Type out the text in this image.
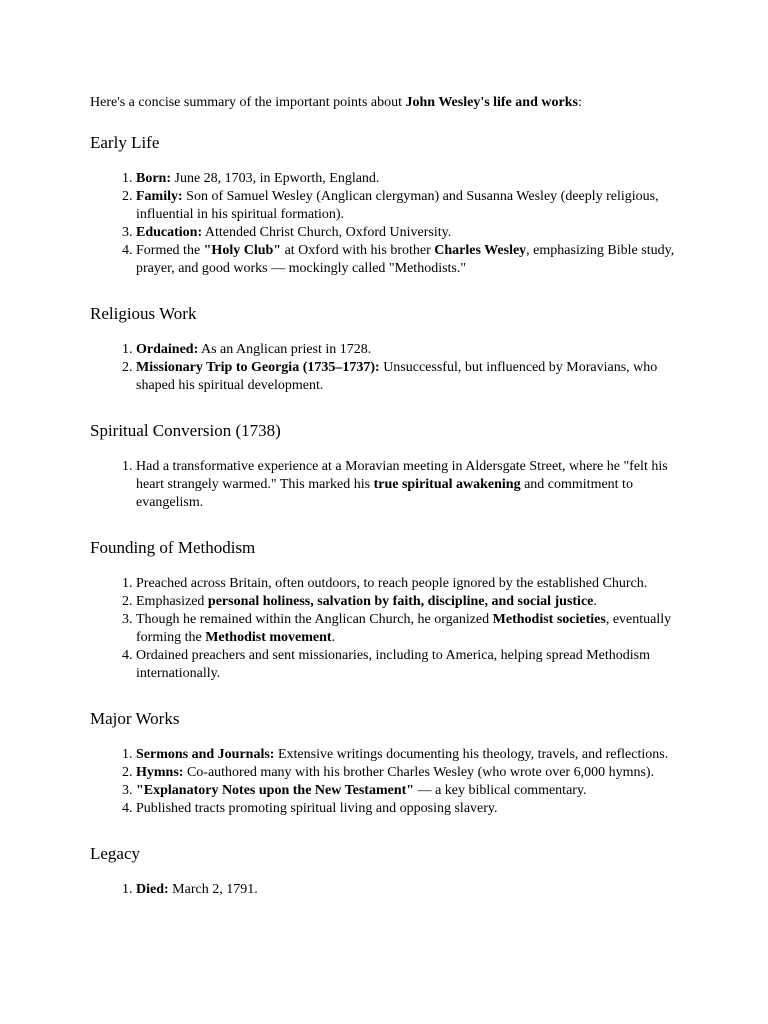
Here's a concise summary of the important points about John Wesley's life and works:

Early Life
1. Born: June 28, 1703, in Epworth, England.
2. Family: Son of Samuel Wesley (Anglican clergyman) and Susanna Wesley (deeply religious, influential in his spiritual formation).
3. Education: Attended Christ Church, Oxford University.
4. Formed the "Holy Club" at Oxford with his brother Charles Wesley, emphasizing Bible study, prayer, and good works — mockingly called "Methodists."
Religious Work
1. Ordained: As an Anglican priest in 1728.
2. Missionary Trip to Georgia (1735–1737): Unsuccessful, but influenced by Moravians, who shaped his spiritual development.
Spiritual Conversion (1738)
1. Had a transformative experience at a Moravian meeting in Aldersgate Street, where he "felt his heart strangely warmed." This marked his true spiritual awakening and commitment to evangelism.
Founding of Methodism
1. Preached across Britain, often outdoors, to reach people ignored by the established Church.
2. Emphasized personal holiness, salvation by faith, discipline, and social justice.
3. Though he remained within the Anglican Church, he organized Methodist societies, eventually forming the Methodist movement.
4. Ordained preachers and sent missionaries, including to America, helping spread Methodism internationally.
Major Works
1. Sermons and Journals: Extensive writings documenting his theology, travels, and reflections.
2. Hymns: Co-authored many with his brother Charles Wesley (who wrote over 6,000 hymns).
3. "Explanatory Notes upon the New Testament" — a key biblical commentary.
4. Published tracts promoting spiritual living and opposing slavery.
Legacy
1. Died: March 2, 1791.
